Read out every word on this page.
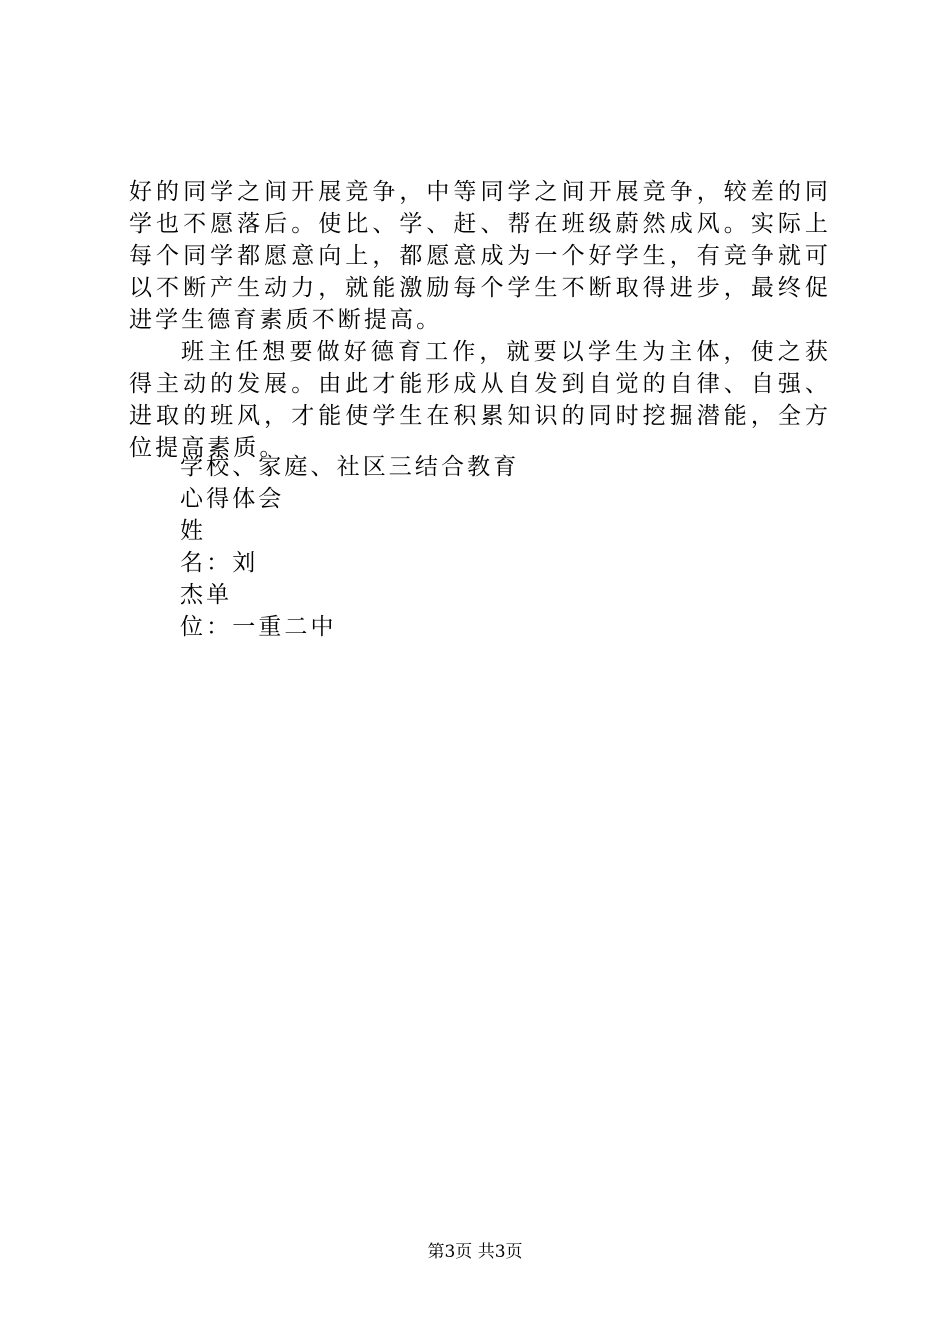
好的同学之间开展竞争，中等同学之间开展竞争，较差的同学也不愿落后。使比、学、赶、帮在班级蔚然成风。实际上每个同学都愿意向上，都愿意成为一个好学生，有竞争就可以不断产生动力，就能激励每个学生不断取得进步，最终促进学生德育素质不断提高。

班主任想要做好德育工作，就要以学生为主体，使之获得主动的发展。由此才能形成从自发到自觉的自律、自强、进取的班风，才能使学生在积累知识的同时挖掘潜能，全方位提高素质。

学校、家庭、社区三结合教育
心得体会
姓
名：刘
杰单
位：一重二中
第3页 共3页
